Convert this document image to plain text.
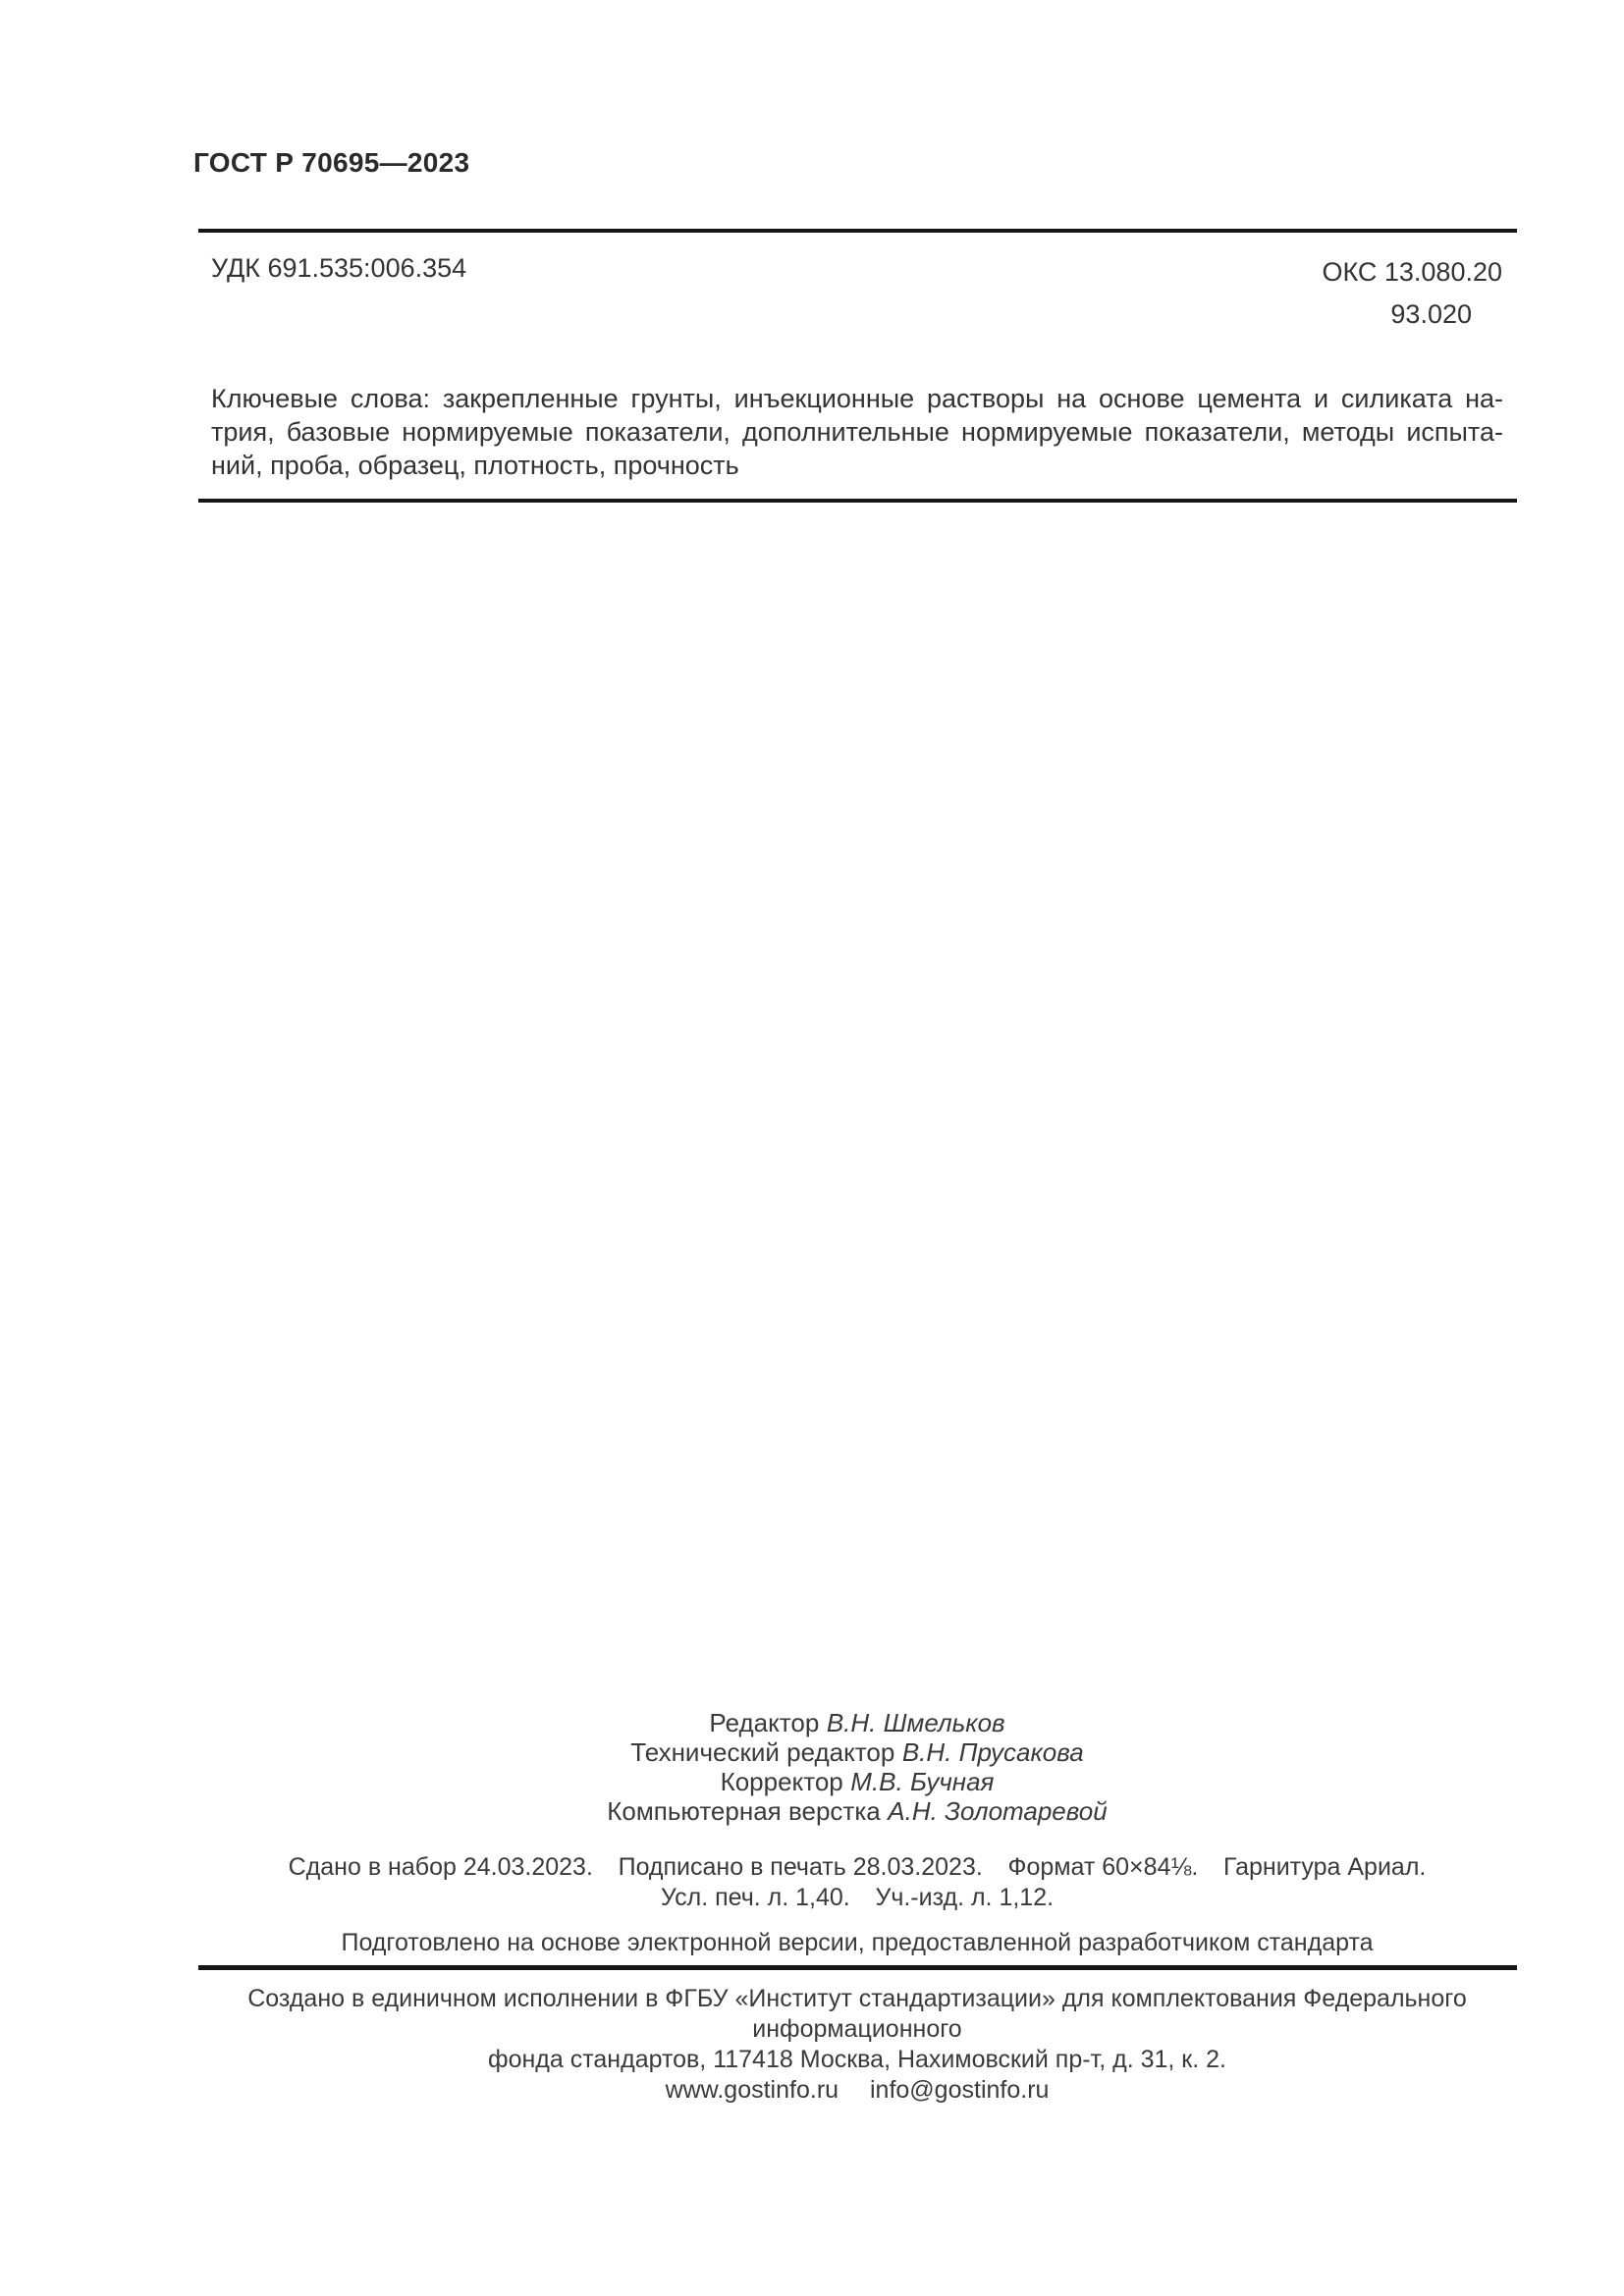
ГОСТ Р 70695—2023
УДК 691.535:006.354	ОКС 13.080.20
93.020
Ключевые слова: закрепленные грунты, инъекционные растворы на основе цемента и силиката на-
трия, базовые нормируемые показатели, дополнительные нормируемые показатели, методы испыта-
ний, проба, образец, плотность, прочность
Редактор В.Н. Шмельков
Технический редактор В.Н. Прусакова
Корректор М.В. Бучная
Компьютерная верстка А.Н. Золотаревой
Сдано в набор 24.03.2023. Подписано в печать 28.03.2023. Формат 60×84⅛. Гарнитура Ариал.
Усл. печ. л. 1,40. Уч.-изд. л. 1,12.
Подготовлено на основе электронной версии, предоставленной разработчиком стандарта
Создано в единичном исполнении в ФГБУ «Институт стандартизации» для комплектования Федерального информационного
фонда стандартов, 117418 Москва, Нахимовский пр-т, д. 31, к. 2.
www.gostinfo.ru info@gostinfo.ru
